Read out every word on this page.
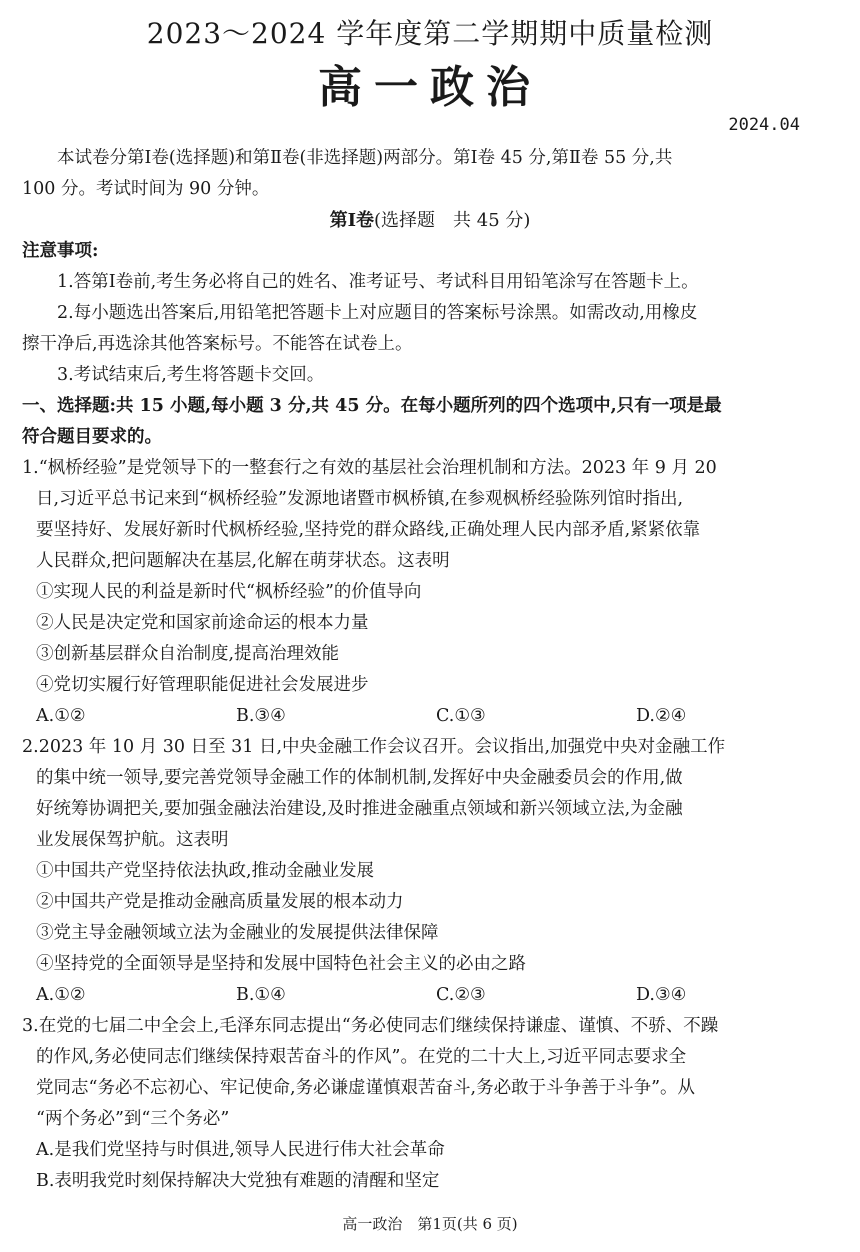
2023～2024 学年度第二学期期中质量检测
高一政治
2024.04

本试卷分第Ⅰ卷(选择题)和第Ⅱ卷(非选择题)两部分。第Ⅰ卷 45 分,第Ⅱ卷 55 分,共

100 分。考试时间为 90 分钟。

第Ⅰ卷(选择题　共 45 分)

注意事项:

1.答第Ⅰ卷前,考生务必将自己的姓名、准考证号、考试科目用铅笔涂写在答题卡上。

2.每小题选出答案后,用铅笔把答题卡上对应题目的答案标号涂黑。如需改动,用橡皮

擦干净后,再选涂其他答案标号。不能答在试卷上。

3.考试结束后,考生将答题卡交回。

一、选择题:共 15 小题,每小题 3 分,共 45 分。在每小题所列的四个选项中,只有一项是最

符合题目要求的。

1.“枫桥经验”是党领导下的一整套行之有效的基层社会治理机制和方法。2023 年 9 月 20

日,习近平总书记来到“枫桥经验”发源地诸暨市枫桥镇,在参观枫桥经验陈列馆时指出,

要坚持好、发展好新时代枫桥经验,坚持党的群众路线,正确处理人民内部矛盾,紧紧依靠

人民群众,把问题解决在基层,化解在萌芽状态。这表明

①实现人民的利益是新时代“枫桥经验”的价值导向

②人民是决定党和国家前途命运的根本力量

③创新基层群众自治制度,提高治理效能

④党切实履行好管理职能促进社会发展进步

A.①②	B.③④	C.①③	D.②④

2.2023 年 10 月 30 日至 31 日,中央金融工作会议召开。会议指出,加强党中央对金融工作

的集中统一领导,要完善党领导金融工作的体制机制,发挥好中央金融委员会的作用,做

好统筹协调把关,要加强金融法治建设,及时推进金融重点领域和新兴领域立法,为金融

业发展保驾护航。这表明

①中国共产党坚持依法执政,推动金融业发展

②中国共产党是推动金融高质量发展的根本动力

③党主导金融领域立法为金融业的发展提供法律保障

④坚持党的全面领导是坚持和发展中国特色社会主义的必由之路

A.①②	B.①④	C.②③	D.③④

3.在党的七届二中全会上,毛泽东同志提出“务必使同志们继续保持谦虚、谨慎、不骄、不躁

的作风,务必使同志们继续保持艰苦奋斗的作风”。在党的二十大上,习近平同志要求全

党同志“务必不忘初心、牢记使命,务必谦虚谨慎艰苦奋斗,务必敢于斗争善于斗争”。从

“两个务必”到“三个务必”

A.是我们党坚持与时俱进,领导人民进行伟大社会革命

B.表明我党时刻保持解决大党独有难题的清醒和坚定

高一政治　第1页(共 6 页)
